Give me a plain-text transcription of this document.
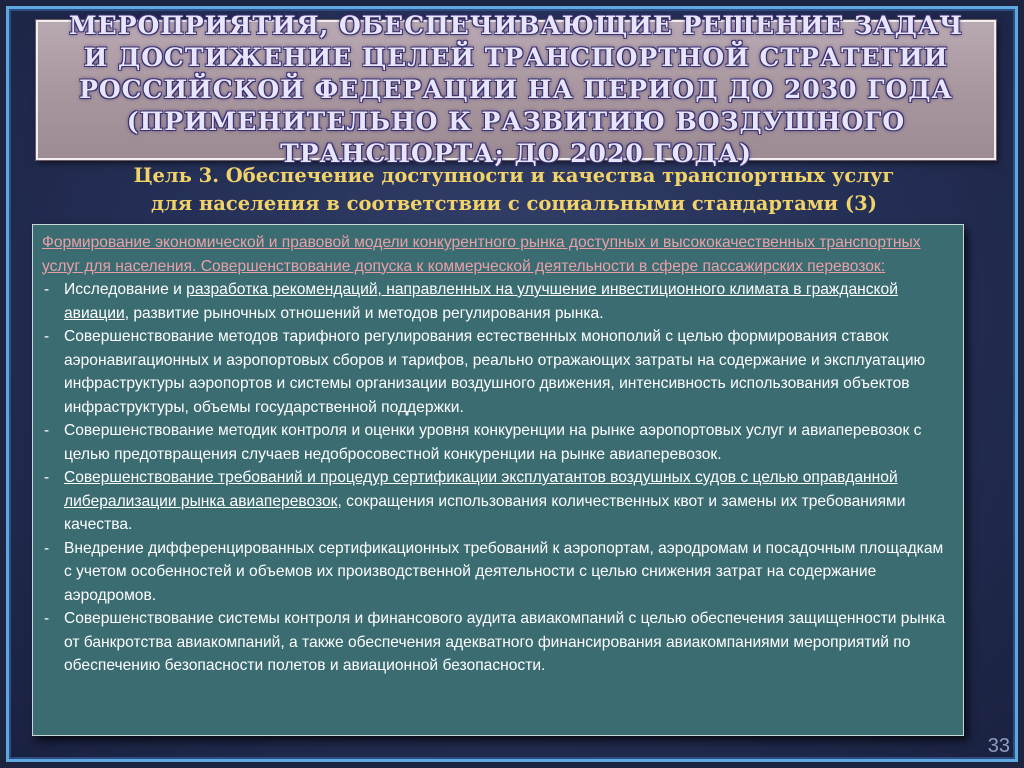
МЕРОПРИЯТИЯ, ОБЕСПЕЧИВАЮЩИЕ РЕШЕНИЕ ЗАДАЧ И ДОСТИЖЕНИЕ ЦЕЛЕЙ ТРАНСПОРТНОЙ СТРАТЕГИИ РОССИЙСКОЙ ФЕДЕРАЦИИ НА ПЕРИОД ДО 2030 ГОДА (ПРИМЕНИТЕЛЬНО К РАЗВИТИЮ ВОЗДУШНОГО ТРАНСПОРТА; ДО 2020 ГОДА)
Цель 3. Обеспечение доступности и качества транспортных услуг
для населения в соответствии с социальными стандартами (3)

Формирование экономической и правовой модели конкурентного рынка доступных и высококачественных транспортных услуг для населения. Совершенствование допуска к коммерческой деятельности в сфере пассажирских перевозок:

- Исследование и разработка рекомендаций, направленных на улучшение инвестиционного климата в гражданской авиации, развитие рыночных отношений и методов регулирования рынка.
- Совершенствование методов тарифного регулирования естественных монополий с целью формирования ставок аэронавигационных и аэропортовых сборов и тарифов, реально отражающих затраты на содержание и эксплуатацию инфраструктуры аэропортов и системы организации воздушного движения, интенсивность использования объектов инфраструктуры, объемы государственной поддержки.
- Совершенствование методик контроля и оценки уровня конкуренции на рынке аэропортовых услуг и авиаперевозок с целью предотвращения случаев недобросовестной конкуренции на рынке авиаперевозок.
- Совершенствование требований и процедур сертификации эксплуатантов воздушных судов с целью оправданной либерализации рынка авиаперевозок, сокращения использования количественных квот и замены их требованиями качества.
- Внедрение дифференцированных сертификационных требований к аэропортам, аэродромам и посадочным площадкам с учетом особенностей и объемов их производственной деятельности с целью снижения затрат на содержание аэродромов.
- Совершенствование системы контроля и финансового аудита авиакомпаний с целью обеспечения защищенности рынка от банкротства авиакомпаний, а также обеспечения адекватного финансирования авиакомпаниями мероприятий по обеспечению безопасности полетов и авиационной безопасности.
33
